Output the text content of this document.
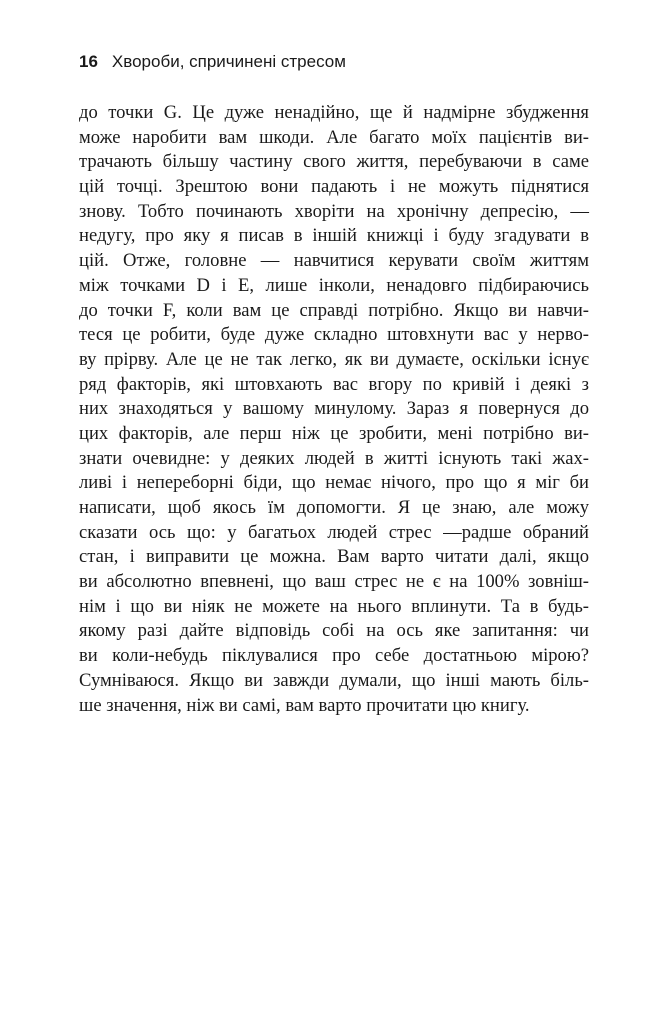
16 Хвороби, спричинені стресом
до точки G. Це дуже ненадійно, ще й надмірне збудження
може наробити вам шкоди. Але багато моїх пацієнтів ви-
трачають більшу частину свого життя, перебуваючи в саме
цій точці. Зрештою вони падають і не можуть піднятися
знову. Тобто починають хворіти на хронічну депресію, —
недугу, про яку я писав в іншій книжці і буду згадувати в
цій. Отже, головне — навчитися керувати своїм життям
між точками D і E, лише інколи, ненадовго підбираючись
до точки F, коли вам це справді потрібно. Якщо ви навчи-
теся це робити, буде дуже складно штовхнути вас у нерво-
ву прірву. Але це не так легко, як ви думаєте, оскільки існує
ряд факторів, які штовхають вас вгору по кривій і деякі з
них знаходяться у вашому минулому. Зараз я повернуся до
цих факторів, але перш ніж це зробити, мені потрібно ви-
знати очевидне: у деяких людей в житті існують такі жах-
ливі і непереборні біди, що немає нічого, про що я міг би
написати, щоб якось їм допомогти. Я це знаю, але можу
сказати ось що: у багатьох людей стрес —радше обраний
стан, і виправити це можна. Вам варто читати далі, якщо
ви абсолютно впевнені, що ваш стрес не є на 100% зовніш-
нім і що ви ніяк не можете на нього вплинути. Та в будь-
якому разі дайте відповідь собі на ось яке запитання: чи
ви коли-небудь піклувалися про себе достатньою мірою?
Сумніваюся. Якщо ви завжди думали, що інші мають біль-
ше значення, ніж ви самі, вам варто прочитати цю книгу.
